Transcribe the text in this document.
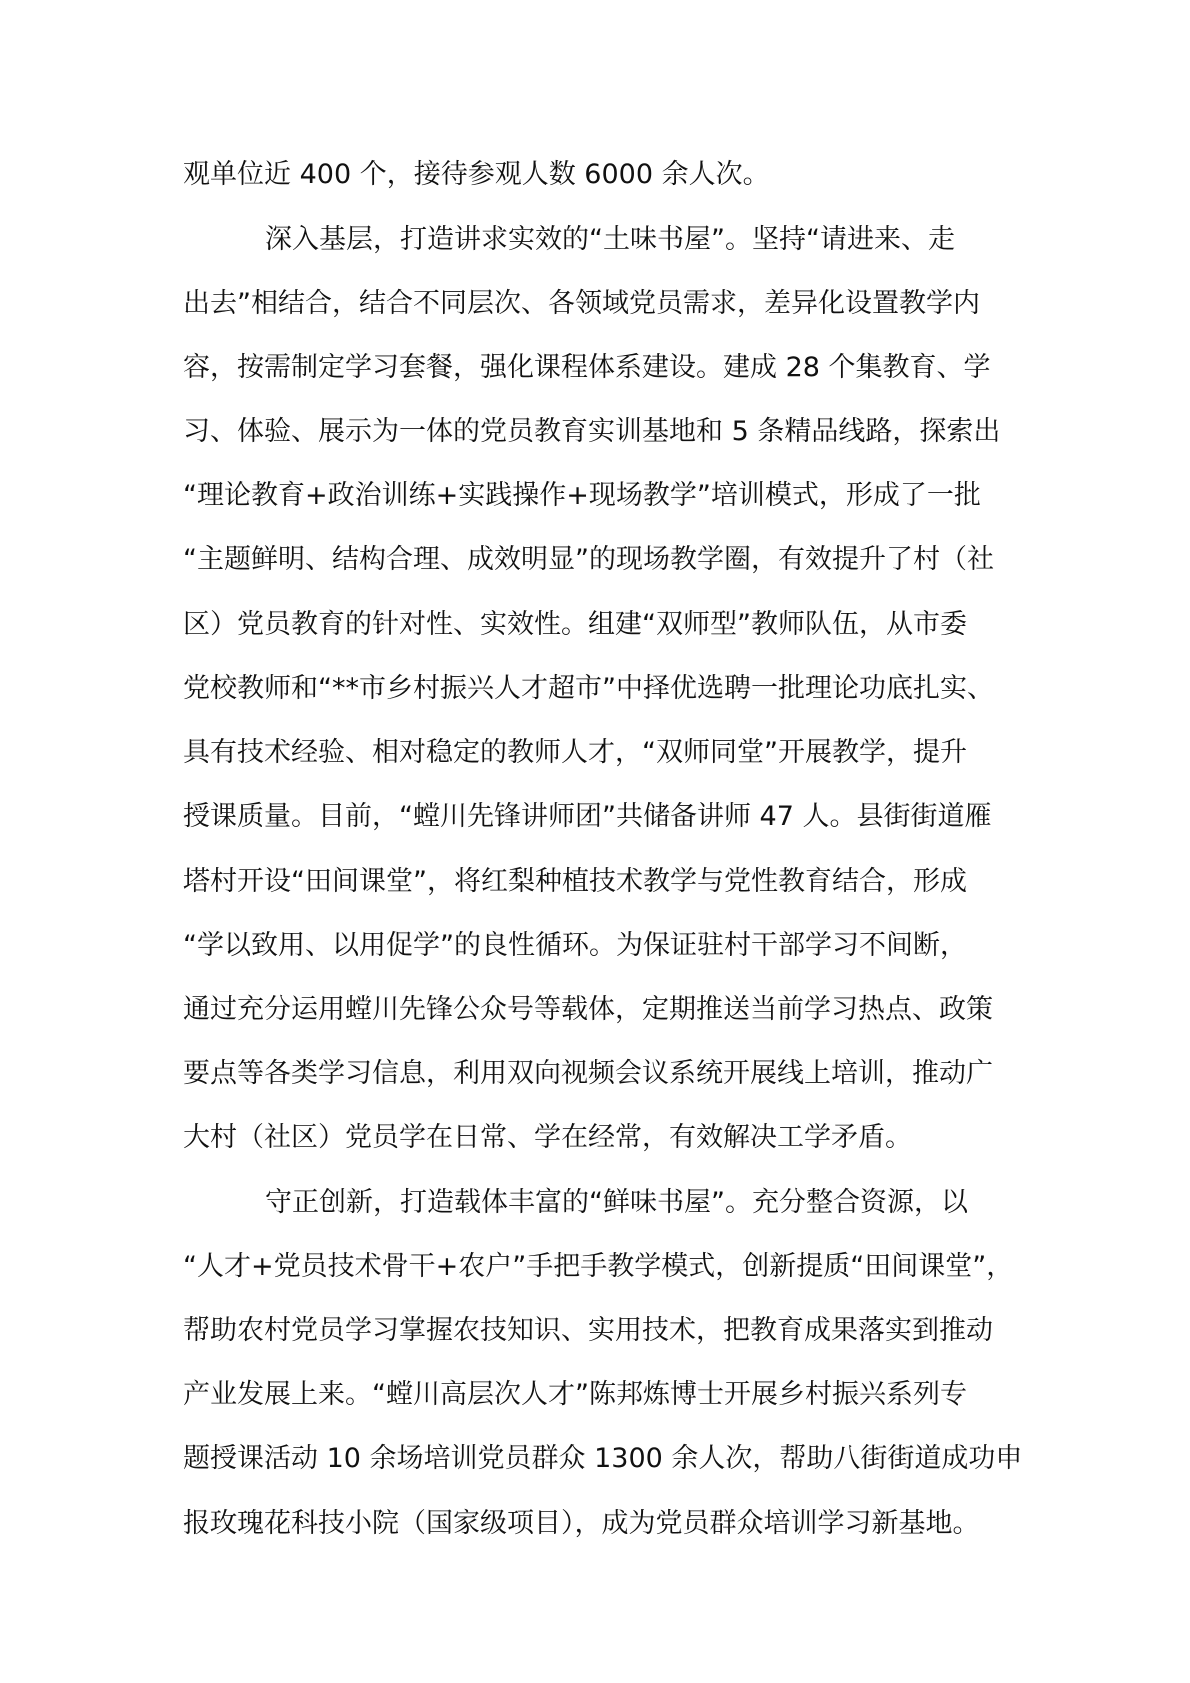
观单位近 400 个，接待参观人数 6000 余人次。
深入基层，打造讲求实效的“土味书屋”。坚持“请进来、走
出去”相结合，结合不同层次、各领域党员需求，差异化设置教学内
容，按需制定学习套餐，强化课程体系建设。建成 28 个集教育、学
习、体验、展示为一体的党员教育实训基地和 5 条精品线路，探索出
“理论教育+政治训练+实践操作+现场教学”培训模式，形成了一批
“主题鲜明、结构合理、成效明显”的现场教学圈，有效提升了村（社
区）党员教育的针对性、实效性。组建“双师型”教师队伍，从市委
党校教师和“**市乡村振兴人才超市”中择优选聘一批理论功底扎实、
具有技术经验、相对稳定的教师人才，“双师同堂”开展教学，提升
授课质量。目前，“螳川先锋讲师团”共储备讲师 47 人。县街街道雁
塔村开设“田间课堂”，将红梨种植技术教学与党性教育结合，形成
“学以致用、以用促学”的良性循环。为保证驻村干部学习不间断，
通过充分运用螳川先锋公众号等载体，定期推送当前学习热点、政策
要点等各类学习信息，利用双向视频会议系统开展线上培训，推动广
大村（社区）党员学在日常、学在经常，有效解决工学矛盾。
守正创新，打造载体丰富的“鲜味书屋”。充分整合资源，以
“人才+党员技术骨干+农户”手把手教学模式，创新提质“田间课堂”，
帮助农村党员学习掌握农技知识、实用技术，把教育成果落实到推动
产业发展上来。“螳川高层次人才”陈邦炼博士开展乡村振兴系列专
题授课活动 10 余场培训党员群众 1300 余人次，帮助八街街道成功申
报玫瑰花科技小院（国家级项目），成为党员群众培训学习新基地。
